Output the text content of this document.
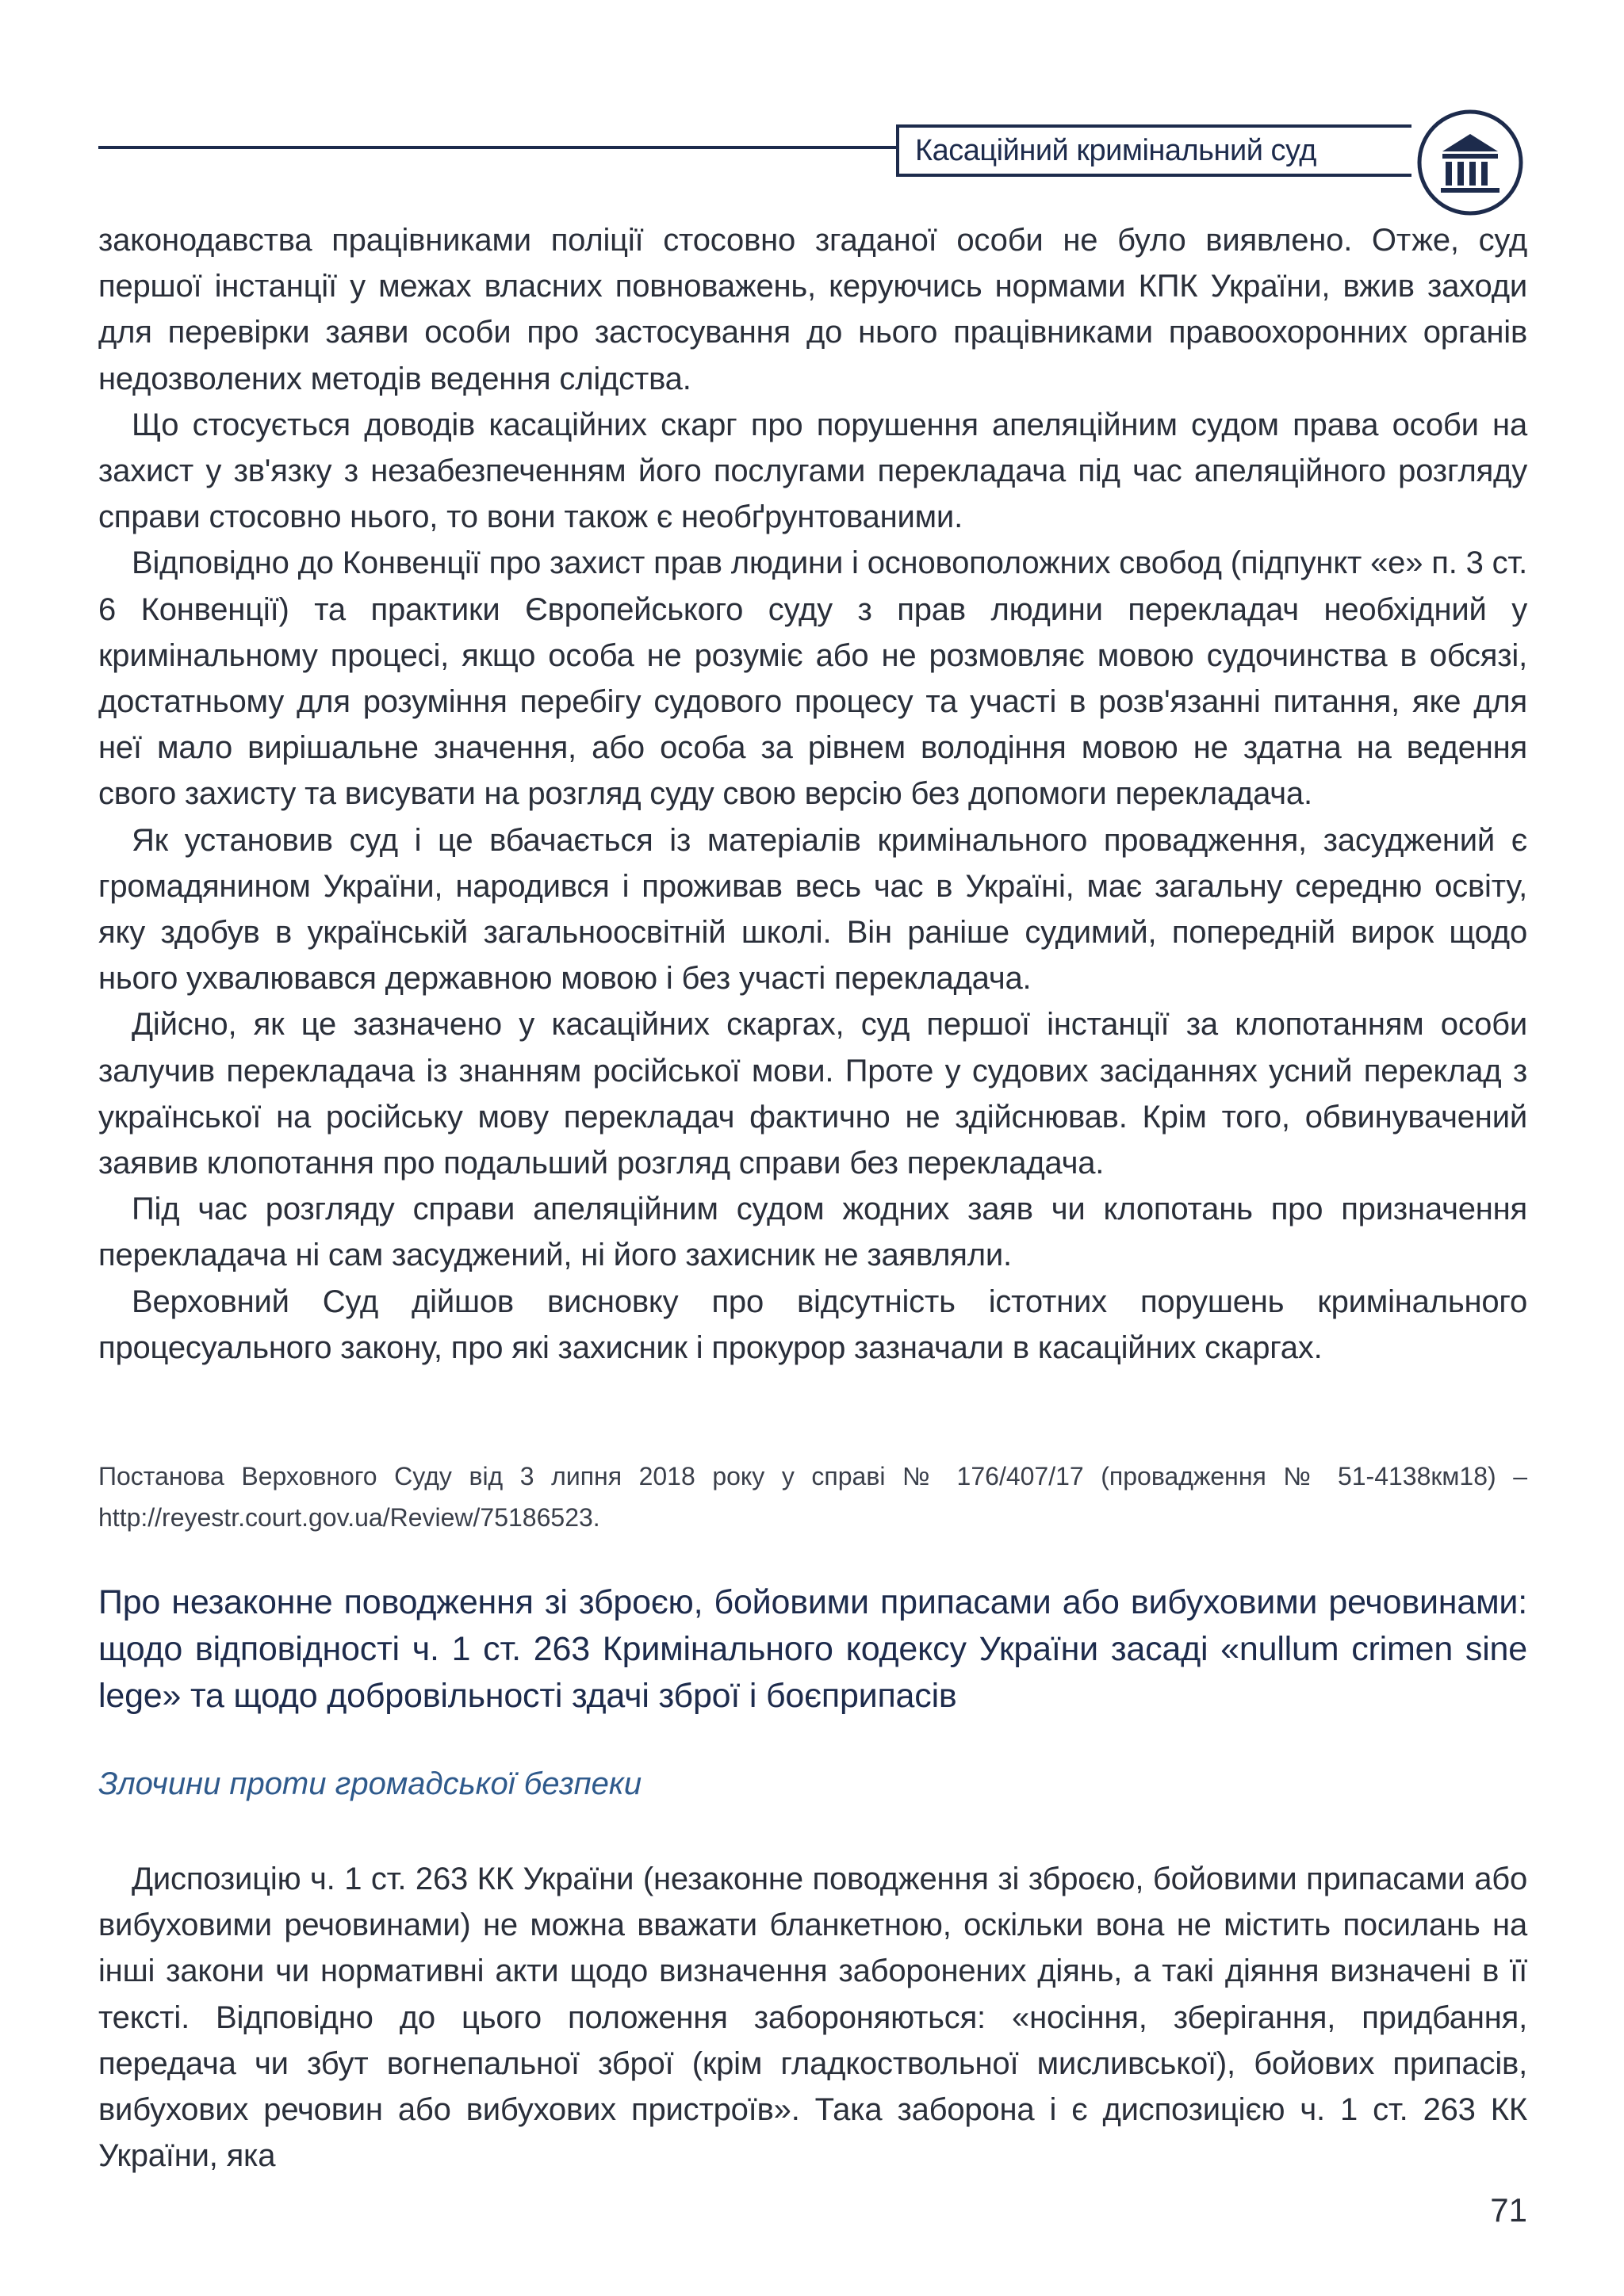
Касаційний кримінальний суд

законодавства працівниками поліції стосовно згаданої особи не було виявлено. Отже, суд першої інстанції у межах власних повноважень, керуючись нормами КПК України, вжив заходи для перевірки заяви особи про застосування до нього працівниками правоохоронних органів недозволених методів ведення слідства.

Що стосується доводів касаційних скарг про порушення апеляційним судом права особи на захист у зв'язку з незабезпеченням його послугами перекладача під час апеляційного розгляду справи стосовно нього, то вони також є необґрунтованими.

Відповідно до Конвенції про захист прав людини і основоположних свобод (підпункт «е» п. 3 ст. 6 Конвенції) та практики Європейського суду з прав людини перекладач необхідний у кримінальному процесі, якщо особа не розуміє або не розмовляє мовою судочинства в обсязі, достатньому для розуміння перебігу судового процесу та участі в розв'язанні питання, яке для неї мало вирішальне значення, або особа за рівнем володіння мовою не здатна на ведення свого захисту та висувати на розгляд суду свою версію без допомоги перекладача.

Як установив суд і це вбачається із матеріалів кримінального провадження, засуджений є громадянином України, народився і проживав весь час в Україні, має загальну середню освіту, яку здобув в українській загальноосвітній школі. Він раніше судимий, попередній вирок щодо нього ухвалювався державною мовою і без участі перекладача.

Дійсно, як це зазначено у касаційних скаргах, суд першої інстанції за клопотанням особи залучив перекладача із знанням російської мови. Проте у судових засіданнях усний переклад з української на російську мову перекладач фактично не здійснював. Крім того, обвинувачений заявив клопотання про подальший розгляд справи без перекладача.

Під час розгляду справи апеляційним судом жодних заяв чи клопотань про призначення перекладача ні сам засуджений, ні його захисник не заявляли.

Верховний Суд дійшов висновку про відсутність істотних порушень кримінального процесуального закону, про які захисник і прокурор зазначали в касаційних скаргах.

Постанова Верховного Суду від 3 липня 2018 року у справі № 176/407/17 (провадження № 51-4138км18) – http://reyestr.court.gov.ua/Review/75186523.
Про незаконне поводження зі зброєю, бойовими припасами або вибуховими речовинами: щодо відповідності ч. 1 ст. 263 Кримінального кодексу України засаді «nullum crimen sine lege» та щодо добровільності здачі зброї і боєприпасів
Злочини проти громадської безпеки

Диспозицію ч. 1 ст. 263 КК України (незаконне поводження зі зброєю, бойовими припасами або вибуховими речовинами) не можна вважати бланкетною, оскільки вона не містить посилань на інші закони чи нормативні акти щодо визначення заборонених діянь, а такі діяння визначені в її тексті. Відповідно до цього положення забороняються: «носіння, зберігання, придбання, передача чи збут вогнепальної зброї (крім гладкоствольної мисливської), бойових припасів, вибухових речовин або вибухових пристроїв». Така заборона і є диспозицією ч. 1 ст. 263 КК України, яка

71
